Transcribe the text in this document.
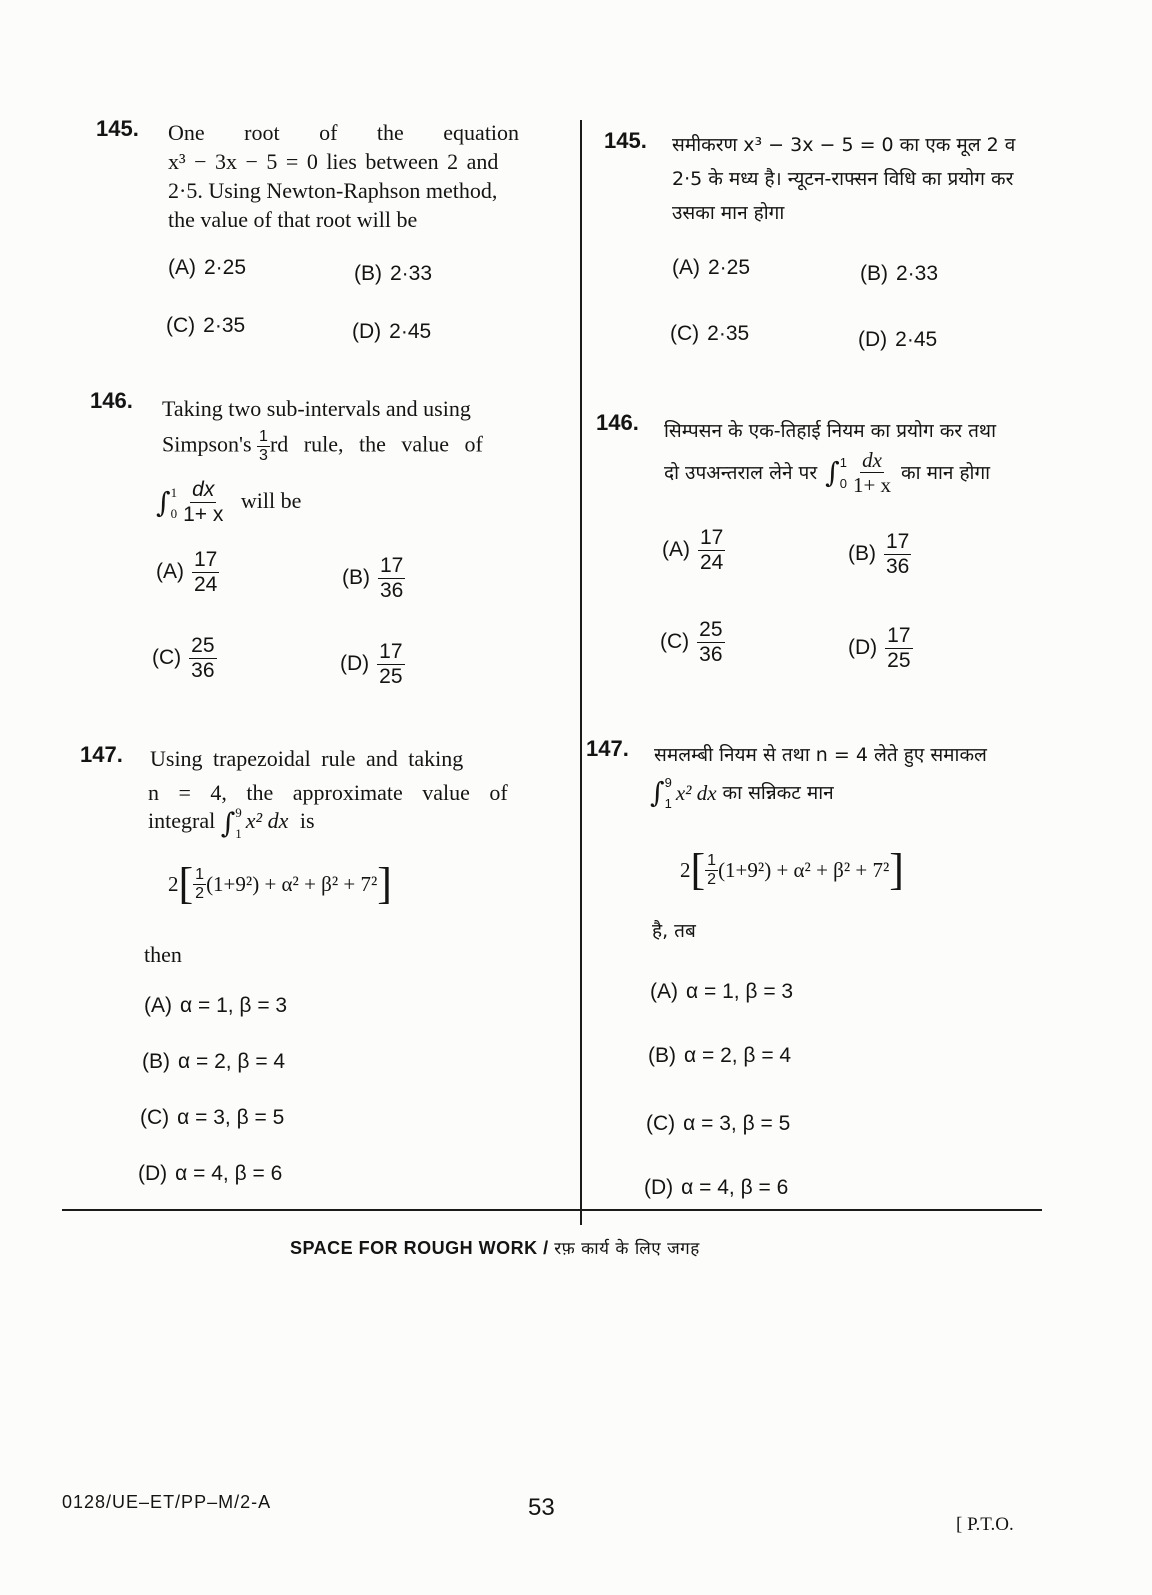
145. One root of the equation
x³ − 3x − 5 = 0 lies between 2 and
2·5. Using Newton-Raphson method,
the value of that root will be
(A) 2·25	(B) 2·33
(C) 2·35	(D) 2·45
146. Taking two sub-intervals and using
Simpson's $\frac{1}{3}$ rd rule, the value of
∫ 1
$0 \frac{dx}{1+ x}$ will be
$(A) \frac{17}{24}$	$(B) \frac{17}{36}$
$(C) \frac{25}{36}$	$(D) \frac{17}{25}$
147. Using trapezoidal rule and taking
n = 4, the approximate value of
integral ∫ 9
1
x² dx is
2 [ $\frac{1}{2} (1+9^2) + \alpha^2 + \beta^2 + 7^2$ ]
then
(A) α = 1, β = 3
(B) α = 2, β = 4
(C) α = 3, β = 5
(D) α = 4, β = 6
145. समीकरण x³ − 3x − 5 = 0 का एक मूल 2 व
2·5 के मध्य है। न्यूटन-राफ्सन विधि का प्रयोग कर
उसका मान होगा
(A) 2·25	(B) 2·33
(C) 2·35	(D) 2·45
146. सिम्पसन के एक-तिहाई नियम का प्रयोग कर तथा
दो उपअन्तराल लेने पर ∫ 1
$0 \frac{dx}{1+ x}$ का मान होगा
$(A) \frac{17}{24}$	$(B) \frac{17}{36}$
$(C) \frac{25}{36}$	$(D) \frac{17}{25}$
147. समलम्बी नियम से तथा n = 4 लेते हुए समाकल
∫ 9
1 x² dx का सन्निकट मान
2 [ $\frac{1}{2} (1+9^2) + \alpha^2 + \beta^2 + 7^2$ ]
है, तब
(A) α = 1, β = 3
(B) α = 2, β = 4
(C) α = 3, β = 5
(D) α = 4, β = 6
SPACE FOR ROUGH WORK / रफ़ कार्य के लिए जगह
0128/UE–ET/PP–M/2-A	53
[ P.T.O.
